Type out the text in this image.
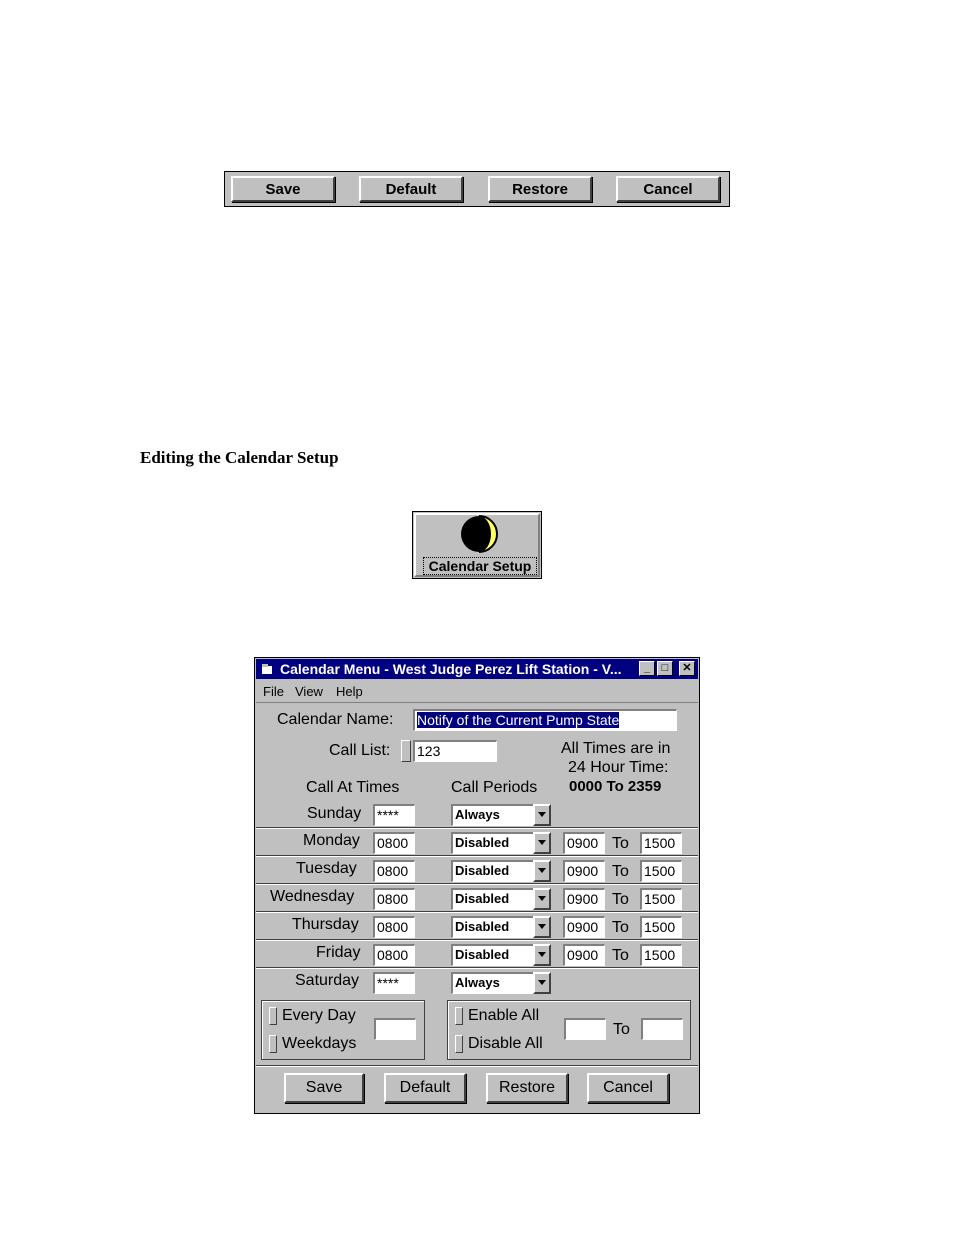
Save	Default	Restore	Cancel
Editing the Calendar Setup
Calendar Setup
Calendar Menu - West Judge Perez Lift Station - V...	_	□	✕
File View Help
Calendar Name: Notify of the Current Pump State
Call List: 123	All Times are in
24 Hour Time:
0000 To 2359
Call At Times	Call Periods
Sunday ****	Always
Monday 0800	Disabled	0900 To 1500
Tuesday 0800	Disabled	0900 To 1500
Wednesday 0800	Disabled	0900 To 1500
Thursday 0800	Disabled	0900 To 1500
Friday 0800	Disabled	0900 To 1500
Saturday ****	Always
Every Day
Weekdays
Enable All
Disable All
To
Save	Default	Restore	Cancel
